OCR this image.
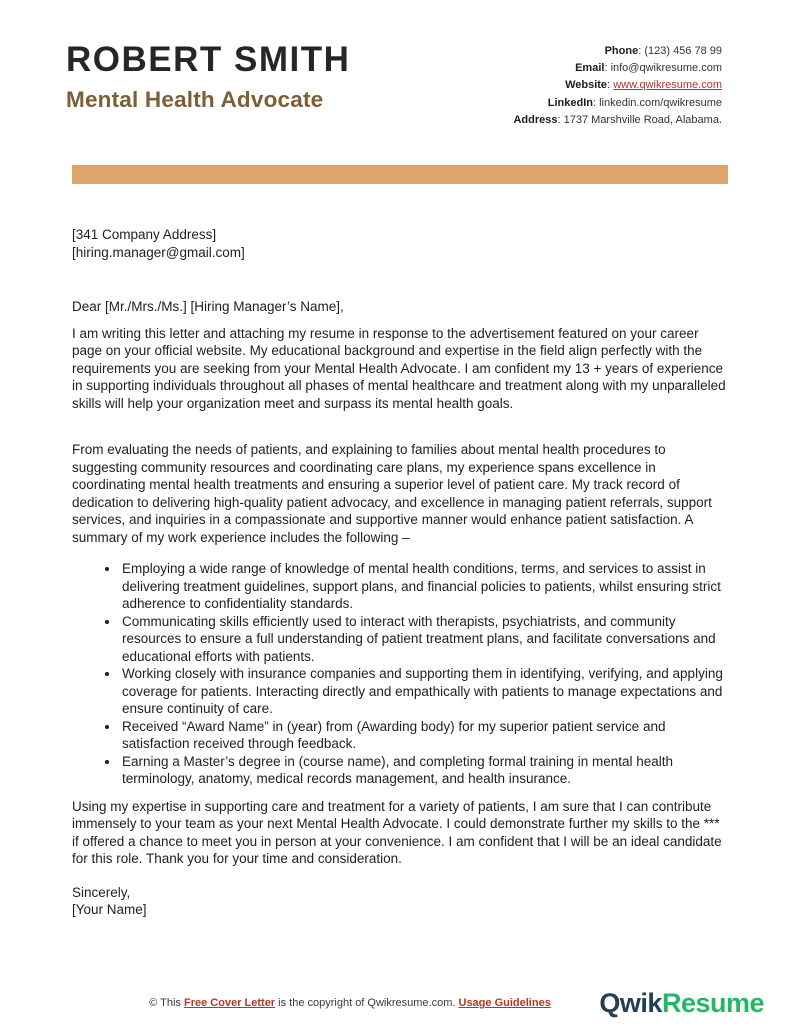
ROBERT SMITH
Mental Health Advocate
Phone: (123) 456 78 99
Email: info@qwikresume.com
Website: www.qwikresume.com
LinkedIn: linkedin.com/qwikresume
Address: 1737 Marshville Road, Alabama.
[341 Company Address]
[hiring.manager@gmail.com]
Dear [Mr./Mrs./Ms.] [Hiring Manager’s Name],

I am writing this letter and attaching my resume in response to the advertisement featured on your career page on your official website. My educational background and expertise in the field align perfectly with the requirements you are seeking from your Mental Health Advocate. I am confident my 13 + years of experience in supporting individuals throughout all phases of mental healthcare and treatment along with my unparalleled skills will help your organization meet and surpass its mental health goals.

From evaluating the needs of patients, and explaining to families about mental health procedures to suggesting community resources and coordinating care plans, my experience spans excellence in coordinating mental health treatments and ensuring a superior level of patient care. My track record of dedication to delivering high-quality patient advocacy, and excellence in managing patient referrals, support services, and inquiries in a compassionate and supportive manner would enhance patient satisfaction. A summary of my work experience includes the following –

• Employing a wide range of knowledge of mental health conditions, terms, and services to assist in delivering treatment guidelines, support plans, and financial policies to patients, whilst ensuring strict adherence to confidentiality standards.
• Communicating skills efficiently used to interact with therapists, psychiatrists, and community resources to ensure a full understanding of patient treatment plans, and facilitate conversations and educational efforts with patients.
• Working closely with insurance companies and supporting them in identifying, verifying, and applying coverage for patients. Interacting directly and empathically with patients to manage expectations and ensure continuity of care.
• Received “Award Name” in (year) from (Awarding body) for my superior patient service and satisfaction received through feedback.
• Earning a Master’s degree in (course name), and completing formal training in mental health terminology, anatomy, medical records management, and health insurance.

Using my expertise in supporting care and treatment for a variety of patients, I am sure that I can contribute immensely to your team as your next Mental Health Advocate. I could demonstrate further my skills to the *** if offered a chance to meet you in person at your convenience. I am confident that I will be an ideal candidate for this role. Thank you for your time and consideration.

Sincerely,
[Your Name]
© This Free Cover Letter is the copyright of Qwikresume.com. Usage Guidelines	QwikResume
